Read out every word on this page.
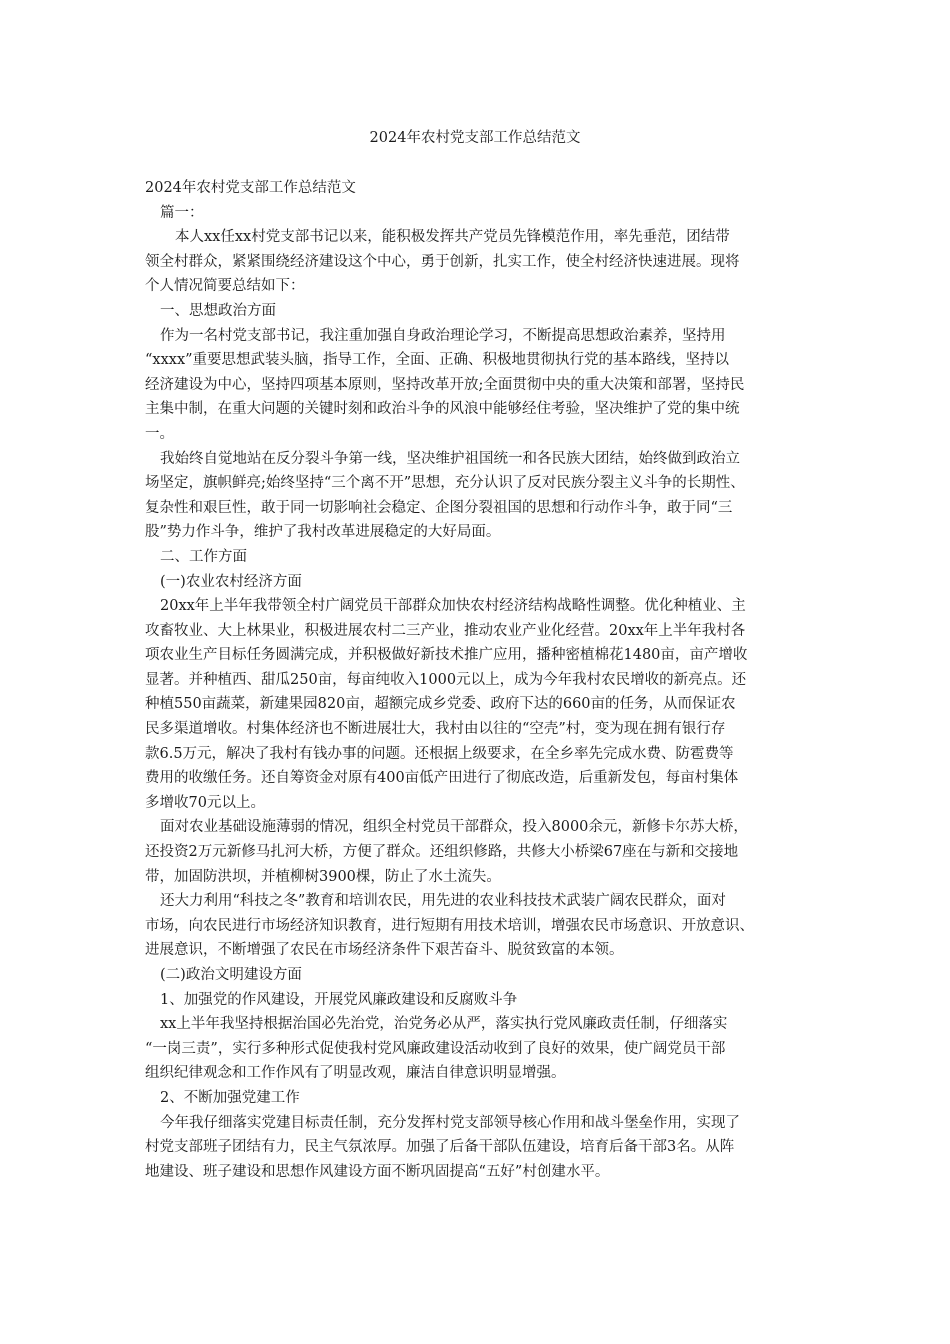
2024年农村党支部工作总结范文

2024年农村党支部工作总结范文

篇一：

本人xx任xx村党支部书记以来，能积极发挥共产党员先锋模范作用，率先垂范，团结带

领全村群众，紧紧围绕经济建设这个中心，勇于创新，扎实工作，使全村经济快速进展。现将

个人情况简要总结如下：

一、思想政治方面

作为一名村党支部书记，我注重加强自身政治理论学习，不断提高思想政治素养，坚持用

“xxxx”重要思想武装头脑，指导工作，全面、正确、积极地贯彻执行党的基本路线，坚持以

经济建设为中心，坚持四项基本原则，坚持改革开放;全面贯彻中央的重大决策和部署，坚持民

主集中制，在重大问题的关键时刻和政治斗争的风浪中能够经住考验，坚决维护了党的集中统

一。

我始终自觉地站在反分裂斗争第一线，坚决维护祖国统一和各民族大团结，始终做到政治立

场坚定，旗帜鲜亮;始终坚持“三个离不开”思想，充分认识了反对民族分裂主义斗争的长期性、

复杂性和艰巨性，敢于同一切影响社会稳定、企图分裂祖国的思想和行动作斗争，敢于同“三

股”势力作斗争，维护了我村改革进展稳定的大好局面。

二、工作方面

(一)农业农村经济方面

20xx年上半年我带领全村广阔党员干部群众加快农村经济结构战略性调整。优化种植业、主

攻畜牧业、大上林果业，积极进展农村二三产业，推动农业产业化经营。20xx年上半年我村各

项农业生产目标任务圆满完成，并积极做好新技术推广应用，播种密植棉花1480亩，亩产增收

显著。并种植西、甜瓜250亩，每亩纯收入1000元以上，成为今年我村农民增收的新亮点。还

种植550亩蔬菜，新建果园820亩，超额完成乡党委、政府下达的660亩的任务，从而保证农

民多渠道增收。村集体经济也不断进展壮大，我村由以往的“空壳”村，变为现在拥有银行存

款6.5万元，解决了我村有钱办事的问题。还根据上级要求，在全乡率先完成水费、防雹费等

费用的收缴任务。还自筹资金对原有400亩低产田进行了彻底改造，后重新发包，每亩村集体

多增收70元以上。

面对农业基础设施薄弱的情况，组织全村党员干部群众，投入8000余元，新修卡尔苏大桥，

还投资2万元新修马扎河大桥，方便了群众。还组织修路，共修大小桥梁67座在与新和交接地

带，加固防洪坝，并植柳树3900棵，防止了水土流失。

还大力利用“科技之冬”教育和培训农民，用先进的农业科技技术武装广阔农民群众，面对

市场，向农民进行市场经济知识教育，进行短期有用技术培训，增强农民市场意识、开放意识、

进展意识，不断增强了农民在市场经济条件下艰苦奋斗、脱贫致富的本领。

(二)政治文明建设方面

1、加强党的作风建设，开展党风廉政建设和反腐败斗争

xx上半年我坚持根据治国必先治党，治党务必从严，落实执行党风廉政责任制，仔细落实

“一岗三责”，实行多种形式促使我村党风廉政建设活动收到了良好的效果，使广阔党员干部

组织纪律观念和工作作风有了明显改观，廉洁自律意识明显增强。

2、不断加强党建工作

今年我仔细落实党建目标责任制，充分发挥村党支部领导核心作用和战斗堡垒作用，实现了

村党支部班子团结有力，民主气氛浓厚。加强了后备干部队伍建设，培育后备干部3名。从阵

地建设、班子建设和思想作风建设方面不断巩固提高“五好”村创建水平。
